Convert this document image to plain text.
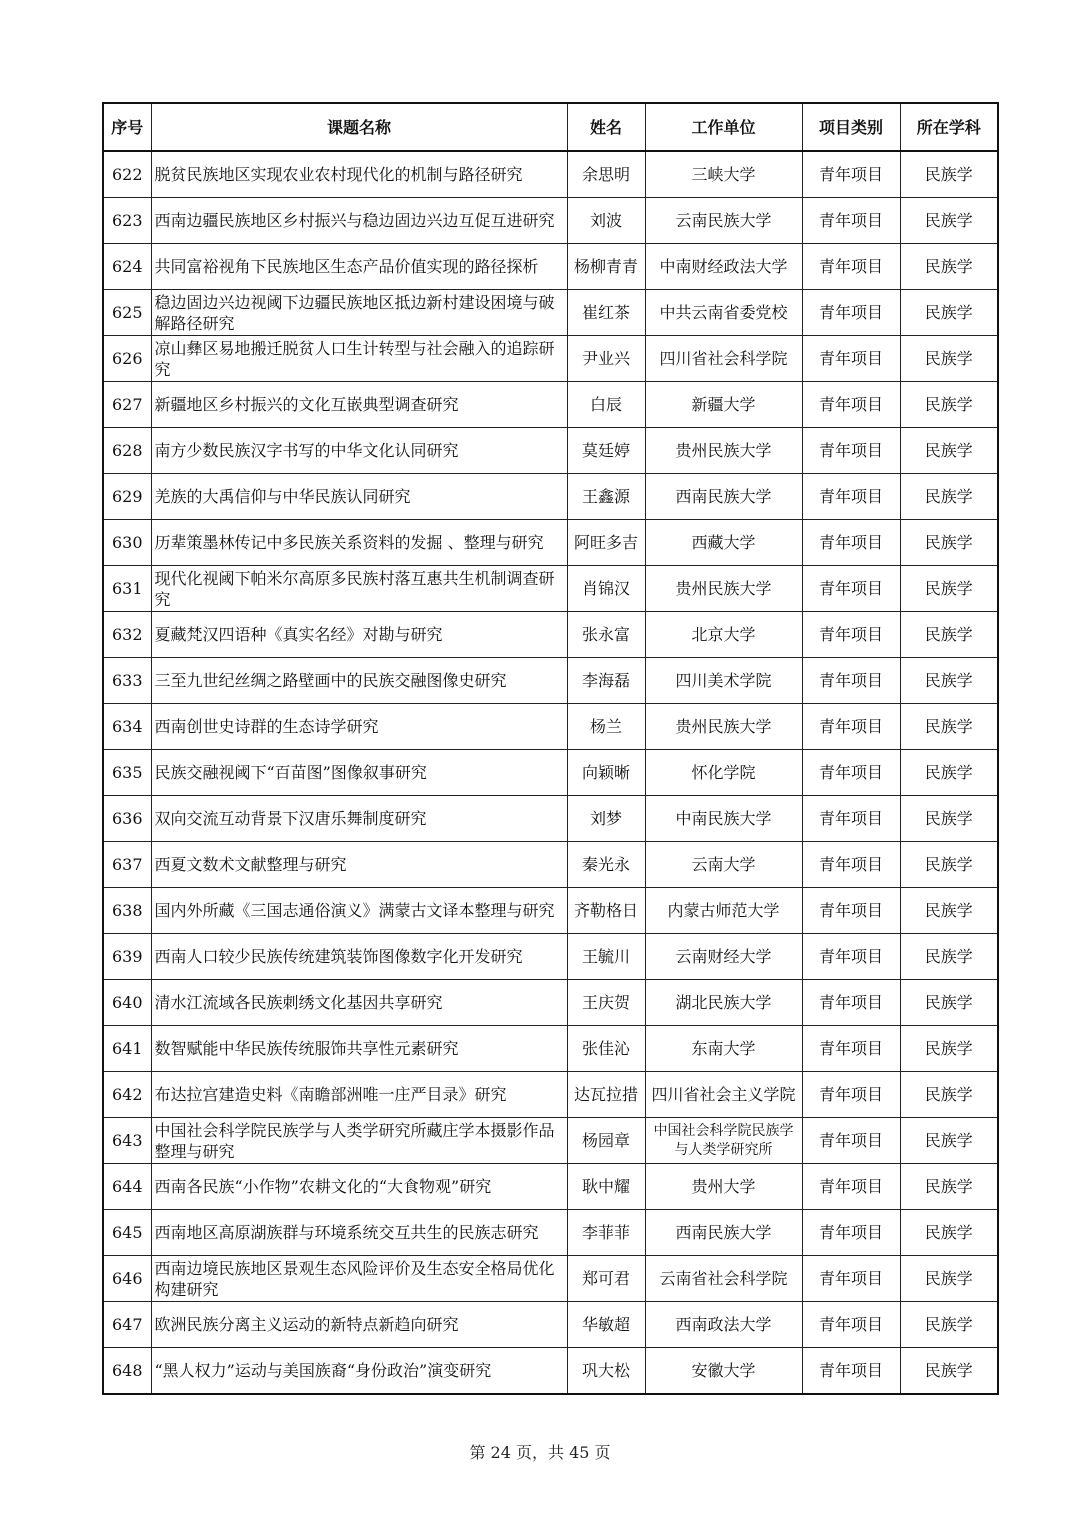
序号	课题名称	姓名	工作单位	项目类别	所在学科
622	脱贫民族地区实现农业农村现代化的机制与路径研究	余思明	三峡大学	青年项目	民族学
623	西南边疆民族地区乡村振兴与稳边固边兴边互促互进研究	刘波	云南民族大学	青年项目	民族学
624	共同富裕视角下民族地区生态产品价值实现的路径探析	杨柳青青	中南财经政法大学	青年项目	民族学
625	稳边固边兴边视阈下边疆民族地区抵边新村建设困境与破解路径研究	崔红茶	中共云南省委党校	青年项目	民族学
626	凉山彝区易地搬迁脱贫人口生计转型与社会融入的追踪研究	尹业兴	四川省社会科学院	青年项目	民族学
627	新疆地区乡村振兴的文化互嵌典型调查研究	白辰	新疆大学	青年项目	民族学
628	南方少数民族汉字书写的中华文化认同研究	莫廷婷	贵州民族大学	青年项目	民族学
629	羌族的大禹信仰与中华民族认同研究	王鑫源	西南民族大学	青年项目	民族学
630	历辈策墨林传记中多民族关系资料的发掘 、整理与研究	阿旺多吉	西藏大学	青年项目	民族学
631	现代化视阈下帕米尔高原多民族村落互惠共生机制调查研究	肖锦汉	贵州民族大学	青年项目	民族学
632	夏藏梵汉四语种《真实名经》对勘与研究	张永富	北京大学	青年项目	民族学
633	三至九世纪丝绸之路壁画中的民族交融图像史研究	李海磊	四川美术学院	青年项目	民族学
634	西南创世史诗群的生态诗学研究	杨兰	贵州民族大学	青年项目	民族学
635	民族交融视阈下“百苗图”图像叙事研究	向颖晰	怀化学院	青年项目	民族学
636	双向交流互动背景下汉唐乐舞制度研究	刘梦	中南民族大学	青年项目	民族学
637	西夏文数术文献整理与研究	秦光永	云南大学	青年项目	民族学
638	国内外所藏《三国志通俗演义》满蒙古文译本整理与研究	齐勒格日	内蒙古师范大学	青年项目	民族学
639	西南人口较少民族传统建筑装饰图像数字化开发研究	王毓川	云南财经大学	青年项目	民族学
640	清水江流域各民族刺绣文化基因共享研究	王庆贺	湖北民族大学	青年项目	民族学
641	数智赋能中华民族传统服饰共享性元素研究	张佳沁	东南大学	青年项目	民族学
642	布达拉宫建造史料《南瞻部洲唯一庄严目录》研究	达瓦拉措	四川省社会主义学院	青年项目	民族学
643	中国社会科学院民族学与人类学研究所藏庄学本摄影作品整理与研究	杨园章	中国社会科学院民族学与人类学研究所	青年项目	民族学
644	西南各民族“小作物”农耕文化的“大食物观”研究	耿中耀	贵州大学	青年项目	民族学
645	西南地区高原湖族群与环境系统交互共生的民族志研究	李菲菲	西南民族大学	青年项目	民族学
646	西南边境民族地区景观生态风险评价及生态安全格局优化构建研究	郑可君	云南省社会科学院	青年项目	民族学
647	欧洲民族分离主义运动的新特点新趋向研究	华敏超	西南政法大学	青年项目	民族学
648	“黑人权力”运动与美国族裔“身份政治”演变研究	巩大松	安徽大学	青年项目	民族学
第 24 页，共 45 页
